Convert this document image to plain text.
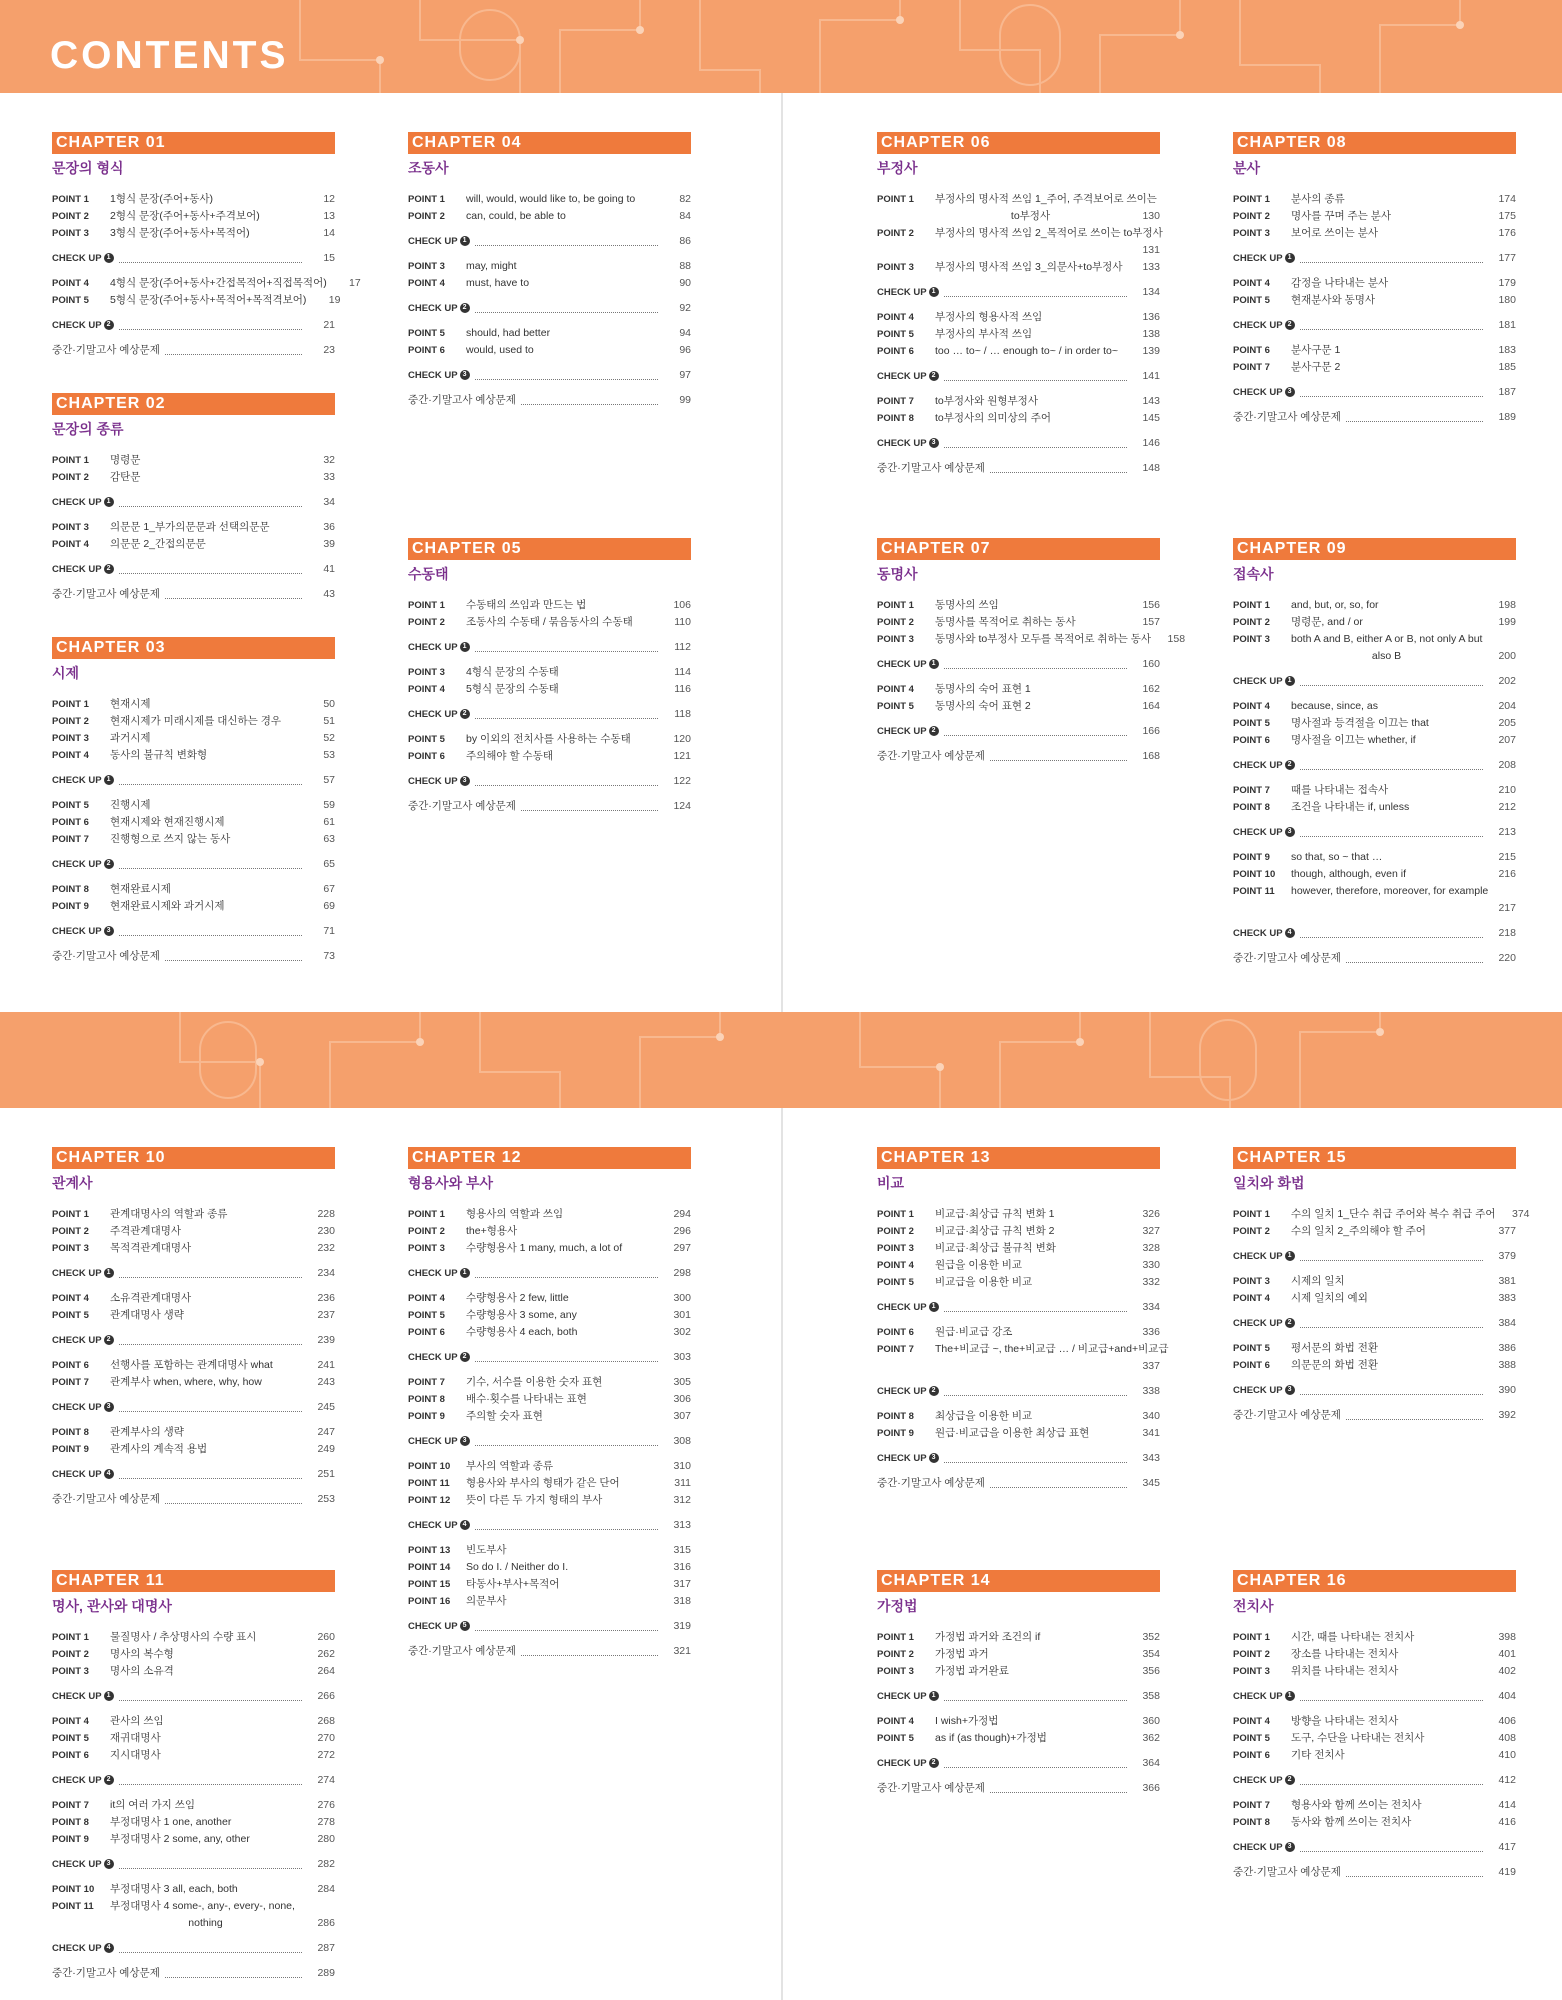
CONTENTS
CHAPTER 01
문장의 형식
POINT 1	1형식 문장(주어+동사)	12
POINT 2	2형식 문장(주어+동사+주격보어)	13
POINT 3	3형식 문장(주어+동사+목적어)	14
CHECK UP 1	15
POINT 4	4형식 문장(주어+동사+간접목적어+직접목적어)	17
POINT 5	5형식 문장(주어+동사+목적어+목적격보어)	19
CHECK UP 2	21
중간·기말고사 예상문제	23
CHAPTER 02
문장의 종류
POINT 1	명령문	32
POINT 2	감탄문	33
CHECK UP 1	34
POINT 3	의문문 1_부가의문문과 선택의문문	36
POINT 4	의문문 2_간접의문문	39
CHECK UP 2	41
중간·기말고사 예상문제	43
CHAPTER 03
시제
POINT 1	현재시제	50
POINT 2	현재시제가 미래시제를 대신하는 경우	51
POINT 3	과거시제	52
POINT 4	동사의 불규칙 변화형	53
CHECK UP 1	57
POINT 5	진행시제	59
POINT 6	현재시제와 현재진행시제	61
POINT 7	진행형으로 쓰지 않는 동사	63
CHECK UP 2	65
POINT 8	현재완료시제	67
POINT 9	현재완료시제와 과거시제	69
CHECK UP 3	71
중간·기말고사 예상문제	73
CHAPTER 04
조동사
POINT 1	will, would, would like to, be going to	82
POINT 2	can, could, be able to	84
CHECK UP 1	86
POINT 3	may, might	88
POINT 4	must, have to	90
CHECK UP 2	92
POINT 5	should, had better	94
POINT 6	would, used to	96
CHECK UP 3	97
중간·기말고사 예상문제	99
CHAPTER 05
수동태
POINT 1	수동태의 쓰임과 만드는 법	106
POINT 2	조동사의 수동태 / 묶음동사의 수동태	110
CHECK UP 1	112
POINT 3	4형식 문장의 수동태	114
POINT 4	5형식 문장의 수동태	116
CHECK UP 2	118
POINT 5	by 이외의 전치사를 사용하는 수동태	120
POINT 6	주의해야 할 수동태	121
CHECK UP 3	122
중간·기말고사 예상문제	124
CHAPTER 06
부정사
POINT 1	부정사의 명사적 쓰임 1_주어, 주격보어로 쓰이는
to부정사	130
POINT 2	부정사의 명사적 쓰임 2_목적어로 쓰이는 to부정사
131
POINT 3	부정사의 명사적 쓰임 3_의문사+to부정사	133
CHECK UP 1	134
POINT 4	부정사의 형용사적 쓰임	136
POINT 5	부정사의 부사적 쓰임	138
POINT 6	too … to~ / … enough to~ / in order to~	139
CHECK UP 2	141
POINT 7	to부정사와 원형부정사	143
POINT 8	to부정사의 의미상의 주어	145
CHECK UP 3	146
중간·기말고사 예상문제	148
CHAPTER 07
동명사
POINT 1	동명사의 쓰임	156
POINT 2	동명사를 목적어로 취하는 동사	157
POINT 3	동명사와 to부정사 모두를 목적어로 취하는 동사	158
CHECK UP 1	160
POINT 4	동명사의 숙어 표현 1	162
POINT 5	동명사의 숙어 표현 2	164
CHECK UP 2	166
중간·기말고사 예상문제	168
CHAPTER 08
분사
POINT 1	분사의 종류	174
POINT 2	명사를 꾸며 주는 분사	175
POINT 3	보어로 쓰이는 분사	176
CHECK UP 1	177
POINT 4	감정을 나타내는 분사	179
POINT 5	현재분사와 동명사	180
CHECK UP 2	181
POINT 6	분사구문 1	183
POINT 7	분사구문 2	185
CHECK UP 3	187
중간·기말고사 예상문제	189
CHAPTER 09
접속사
POINT 1	and, but, or, so, for	198
POINT 2	명령문, and / or	199
POINT 3	both A and B, either A or B, not only A but
also B	200
CHECK UP 1	202
POINT 4	because, since, as	204
POINT 5	명사절과 등격절을 이끄는 that	205
POINT 6	명사절을 이끄는 whether, if	207
CHECK UP 2	208
POINT 7	때를 나타내는 접속사	210
POINT 8	조건을 나타내는 if, unless	212
CHECK UP 3	213
POINT 9	so that, so ~ that …	215
POINT 10	though, although, even if	216
POINT 11	however, therefore, moreover, for example
217
CHECK UP 4	218
중간·기말고사 예상문제	220
CHAPTER 10
관계사
POINT 1	관계대명사의 역할과 종류	228
POINT 2	주격관계대명사	230
POINT 3	목적격관계대명사	232
CHECK UP 1	234
POINT 4	소유격관계대명사	236
POINT 5	관계대명사 생략	237
CHECK UP 2	239
POINT 6	선행사를 포함하는 관계대명사 what	241
POINT 7	관계부사 when, where, why, how	243
CHECK UP 3	245
POINT 8	관계부사의 생략	247
POINT 9	관계사의 계속적 용법	249
CHECK UP 4	251
중간·기말고사 예상문제	253
CHAPTER 11
명사, 관사와 대명사
POINT 1	물질명사 / 추상명사의 수량 표시	260
POINT 2	명사의 복수형	262
POINT 3	명사의 소유격	264
CHECK UP 1	266
POINT 4	관사의 쓰임	268
POINT 5	재귀대명사	270
POINT 6	지시대명사	272
CHECK UP 2	274
POINT 7	it의 여러 가지 쓰임	276
POINT 8	부정대명사 1 one, another	278
POINT 9	부정대명사 2 some, any, other	280
CHECK UP 3	282
POINT 10	부정대명사 3 all, each, both	284
POINT 11	부정대명사 4 some-, any-, every-, none,
nothing	286
CHECK UP 4	287
중간·기말고사 예상문제	289
CHAPTER 12
형용사와 부사
POINT 1	형용사의 역할과 쓰임	294
POINT 2	the+형용사	296
POINT 3	수량형용사 1 many, much, a lot of	297
CHECK UP 1	298
POINT 4	수량형용사 2 few, little	300
POINT 5	수량형용사 3 some, any	301
POINT 6	수량형용사 4 each, both	302
CHECK UP 2	303
POINT 7	기수, 서수를 이용한 숫자 표현	305
POINT 8	배수·횟수를 나타내는 표현	306
POINT 9	주의할 숫자 표현	307
CHECK UP 3	308
POINT 10	부사의 역할과 종류	310
POINT 11	형용사와 부사의 형태가 같은 단어	311
POINT 12	뜻이 다른 두 가지 형태의 부사	312
CHECK UP 4	313
POINT 13	빈도부사	315
POINT 14	So do I. / Neither do I.	316
POINT 15	타동사+부사+목적어	317
POINT 16	의문부사	318
CHECK UP 5	319
중간·기말고사 예상문제	321
CHAPTER 13
비교
POINT 1	비교급·최상급 규칙 변화 1	326
POINT 2	비교급·최상급 규칙 변화 2	327
POINT 3	비교급·최상급 불규칙 변화	328
POINT 4	원급을 이용한 비교	330
POINT 5	비교급을 이용한 비교	332
CHECK UP 1	334
POINT 6	원급·비교급 강조	336
POINT 7	The+비교급 ~, the+비교급 … / 비교급+and+비교급
337
CHECK UP 2	338
POINT 8	최상급을 이용한 비교	340
POINT 9	원급·비교급을 이용한 최상급 표현	341
CHECK UP 3	343
중간·기말고사 예상문제	345
CHAPTER 14
가정법
POINT 1	가정법 과거와 조건의 if	352
POINT 2	가정법 과거	354
POINT 3	가정법 과거완료	356
CHECK UP 1	358
POINT 4	I wish+가정법	360
POINT 5	as if (as though)+가정법	362
CHECK UP 2	364
중간·기말고사 예상문제	366
CHAPTER 15
일치와 화법
POINT 1	수의 일치 1_단수 취급 주어와 복수 취급 주어	374
POINT 2	수의 일치 2_주의해야 할 주어	377
CHECK UP 1	379
POINT 3	시제의 일치	381
POINT 4	시제 일치의 예외	383
CHECK UP 2	384
POINT 5	평서문의 화법 전환	386
POINT 6	의문문의 화법 전환	388
CHECK UP 3	390
중간·기말고사 예상문제	392
CHAPTER 16
전치사
POINT 1	시간, 때를 나타내는 전치사	398
POINT 2	장소를 나타내는 전치사	401
POINT 3	위치를 나타내는 전치사	402
CHECK UP 1	404
POINT 4	방향을 나타내는 전치사	406
POINT 5	도구, 수단을 나타내는 전치사	408
POINT 6	기타 전치사	410
CHECK UP 2	412
POINT 7	형용사와 함께 쓰이는 전치사	414
POINT 8	동사와 함께 쓰이는 전치사	416
CHECK UP 3	417
중간·기말고사 예상문제	419
